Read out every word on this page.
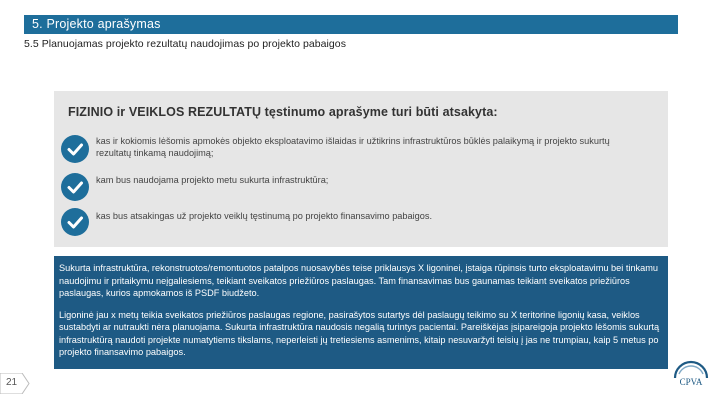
5. Projekto aprašymas
5.5 Planuojamas projekto rezultatų naudojimas po projekto pabaigos
FIZINIO ir VEIKLOS REZULTATŲ tęstinumo aprašyme turi būti atsakyta:
kas ir kokiomis lėšomis apmokės objekto eksploatavimo išlaidas ir užtikrins infrastruktūros būklės palaikymą ir projekto sukurtų rezultatų tinkamą naudojimą;
kam bus naudojama projekto metu sukurta infrastruktūra;
kas bus atsakingas už projekto veiklų tęstinumą po projekto finansavimo pabaigos.

Sukurta infrastruktūra, rekonstruotos/remontuotos patalpos nuosavybės teise priklausys X ligoninei, įstaiga rūpinsis turto eksploatavimu bei tinkamu naudojimu ir pritaikymu neįgaliesiems, teikiant sveikatos priežiūros paslaugas. Tam finansavimas bus gaunamas teikiant sveikatos priežiūros paslaugas, kurios apmokamos iš PSDF biudžeto.

Ligoninė jau x metų teikia sveikatos priežiūros paslaugas regione, pasirašytos sutartys dėl paslaugų teikimo su X teritorine ligonių kasa, veiklos sustabdyti ar nutraukti nėra planuojama. Sukurta infrastruktūra naudosis negalią turintys pacientai. Pareiškėjas įsipareigoja projekto lėšomis sukurtą infrastruktūrą naudoti projekte numatytiems tikslams, neperleisti jų tretiesiems asmenims, kitaip nesuvaržyti teisių į jas ne trumpiau, kaip 5 metus po projekto finansavimo pabaigos.

21	CPVA
